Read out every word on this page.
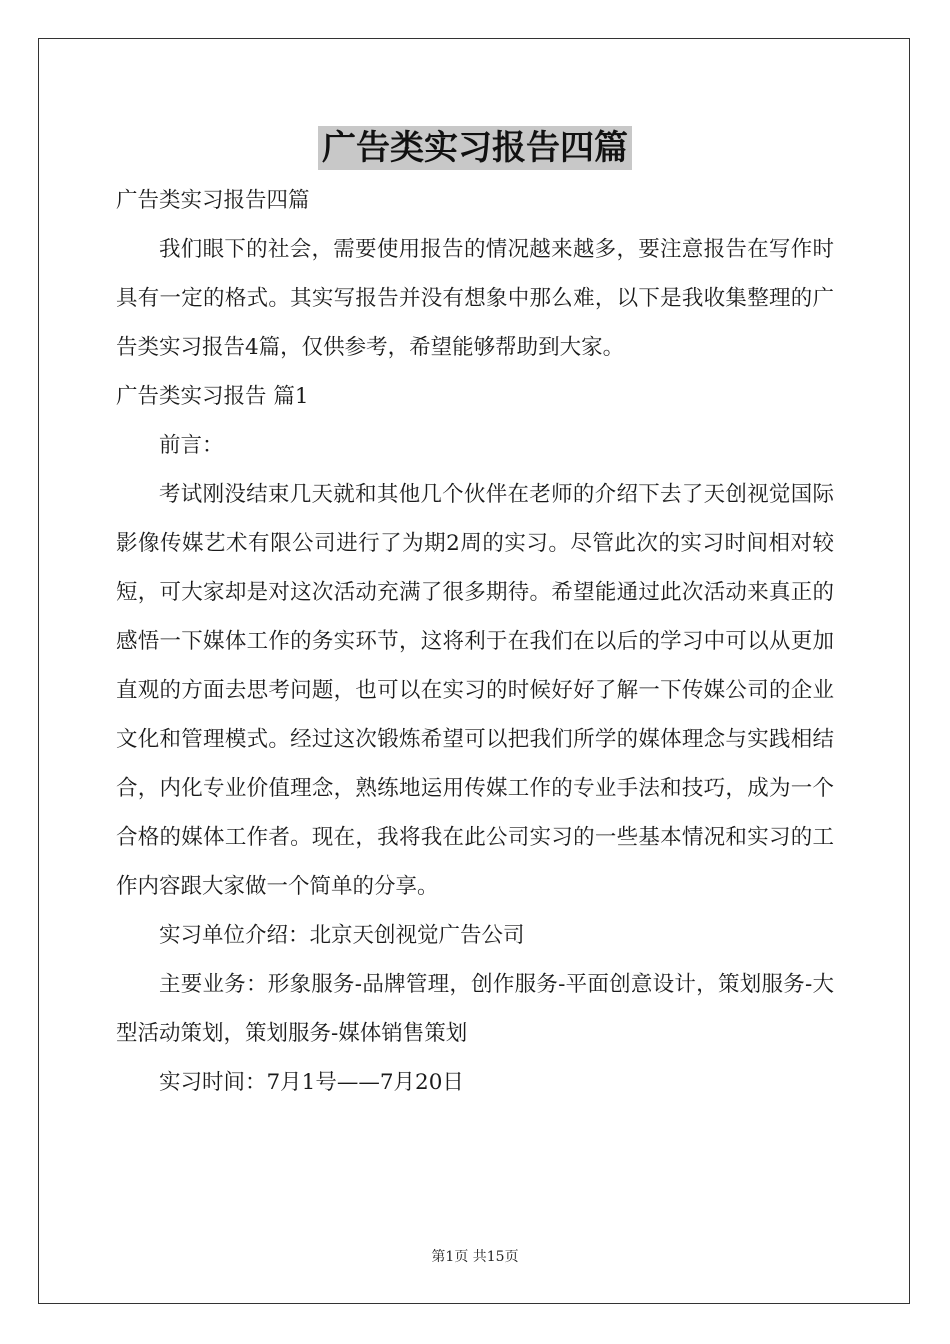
广告类实习报告四篇

广告类实习报告四篇

我们眼下的社会，需要使用报告的情况越来越多，要注意报告在写作时具有一定的格式。其实写报告并没有想象中那么难，以下是我收集整理的广告类实习报告4篇，仅供参考，希望能够帮助到大家。

广告类实习报告 篇1

前言：

考试刚没结束几天就和其他几个伙伴在老师的介绍下去了天创视觉国际影像传媒艺术有限公司进行了为期2周的实习。尽管此次的实习时间相对较短，可大家却是对这次活动充满了很多期待。希望能通过此次活动来真正的感悟一下媒体工作的务实环节，这将利于在我们在以后的学习中可以从更加直观的方面去思考问题，也可以在实习的时候好好了解一下传媒公司的企业文化和管理模式。经过这次锻炼希望可以把我们所学的媒体理念与实践相结合，内化专业价值理念，熟练地运用传媒工作的专业手法和技巧，成为一个合格的媒体工作者。现在，我将我在此公司实习的一些基本情况和实习的工作内容跟大家做一个简单的分享。

实习单位介绍：北京天创视觉广告公司

主要业务：形象服务-品牌管理，创作服务-平面创意设计，策划服务-大型活动策划，策划服务-媒体销售策划

实习时间：7月1号——7月20日

第1页 共15页
